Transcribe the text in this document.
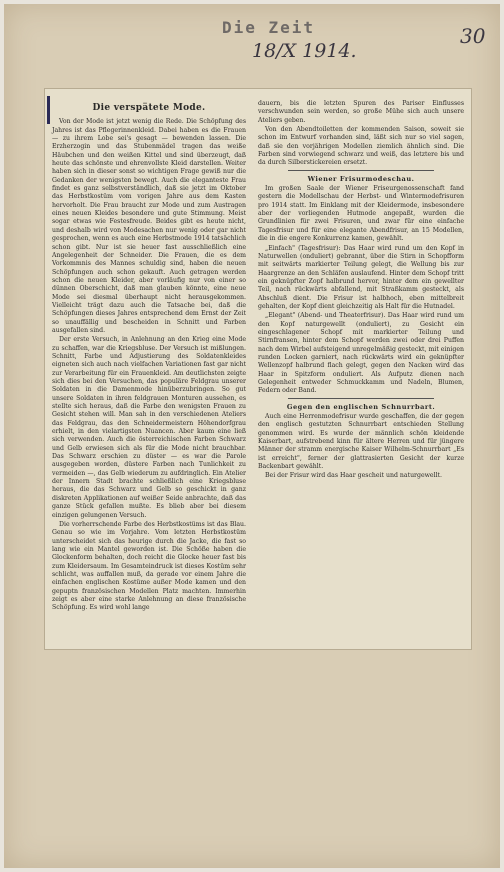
Die Zeit
18/X 1914.
30
Die verspätete Mode.

Von der Mode ist jetzt wenig die Rede. Die Schöpfung des Jahres ist das Pflegerinnenkleid. Dabei haben es die Frauen — zu ihrem Lobe sei's gesagt — bewenden lassen. Die Erzherzogin und das Stubenmädel tragen das weiße Häubchen und den weißen Kittel und sind überzeugt, daß heute das schönste und ehrenvollste Kleid darstellen. Weiter haben sich in dieser sonst so wichtigen Frage gewiß nur die Gedanken der wenigsten bewegt. Auch die eleganteste Frau findet es ganz selbstverständlich, daß sie jetzt im Oktober das Herbstkostüm vom vorigen Jahre aus dem Kasten hervorholt. Die Frau braucht zur Mode und zum Austragen eines neuen Kleides besondere und gute Stimmung. Meist sogar etwas wie Festesfreude. Beides gibt es heute nicht, und deshalb wird von Modesachen nur wenig oder gar nicht gesprochen, wenn es auch eine Herbstmode 1914 tatsächlich schon gibt. Nur ist sie heuer fast ausschließlich eine Angelegenheit der Schneider. Die Frauen, die es dem Vorkommnis des Mannes schuldig sind, haben die neuen Schöpfungen auch schon gekauft. Auch getragen werden schon die neuen Kleider, aber vorläufig nur von einer so dünnen Oberschicht, daß man glauben könnte, eine neue Mode sei diesmal überhaupt nicht herausgekommen. Vielleicht trägt dazu auch die Tatsache bei, daß die Schöpfungen dieses Jahres entsprechend dem Ernst der Zeit so unauffällig und bescheiden in Schnitt und Farben ausgefallen sind.

Der erste Versuch, in Anlehnung an den Krieg eine Mode zu schaffen, war die Kriegsbluse. Der Versuch ist mißlungen. Schnitt, Farbe und Adjustierung des Soldatenkleides eigneten sich auch nach vielfachen Variationen fast gar nicht zur Verarbeitung für ein Frauenkleid. Am deutlichsten zeigte sich dies bei den Versuchen, das populäre Feldgrau unserer Soldaten in die Damenmode hinüberzubringen. So gut unsere Soldaten in ihren feldgrauen Monturen aussehen, es stellte sich heraus, daß die Farbe den wenigsten Frauen zu Gesicht stehen will. Man sah in den verschiedenen Ateliers das Feldgrau, das den Schneidermeistern Höhendorfgrau erhielt, in den vielartigsten Nuancen. Aber kaum eine ließ sich verwenden. Auch die österreichischen Farben Schwarz und Gelb erwiesen sich als für die Mode nicht brauchbar. Das Schwarz erschien zu düster — es war die Parole ausgegeben worden, düstere Farben nach Tunlichkeit zu vermeiden —, das Gelb wiederum zu aufdringlich. Ein Atelier der Innern Stadt brachte schließlich eine Kriegsbluse heraus, die das Schwarz und Gelb so geschickt in ganz diskreten Applikationen auf weißer Seide anbrachte, daß das ganze Stück gefallen mußte. Es blieb aber bei diesem einzigen gelungenen Versuch.

Die vorherrschende Farbe des Herbstkostüms ist das Blau. Genau so wie im Vorjahre. Vom letzten Herbstkostüm unterscheidet sich das heurige durch die Jacke, die fast so lang wie ein Mantel geworden ist. Die Schöße haben die Glockenform behalten, doch reicht die Glocke heuer fast bis zum Kleidersaum. Im Gesamteindruck ist dieses Kostüm sehr schlicht, was auffallen muß, da gerade vor einem Jahre die einfachen englischen Kostüme außer Mode kamen und den gepuptn französischen Modellen Platz machten. Immerhin zeigt es aber eine starke Anlehnung an diese französische Schöpfung. Es wird wohl lange

dauern, bis die letzten Spuren des Pariser Einflusses verschwunden sein werden, so große Mühe sich auch unsere Ateliers geben.

Von den Abendtoiletten der kommenden Saison, soweit sie schon im Entwurf vorhanden sind, läßt sich nur so viel sagen, daß sie den vorjährigen Modellen ziemlich ähnlich sind. Die Farben sind vorwiegend schwarz und weiß, das letztere bis und da durch Silberstickereien ersetzt.

Wiener Frisurmodeschau.

Im großen Saale der Wiener Friseurgenossenschaft fand gestern die Modellschau der Herbst- und Wintermodefrisuren pro 1914 statt. Im Einklang mit der Kleidermode, insbesondere aber der vorliegenden Hutmode angepaßt, wurden die Grundlinien für zwei Frisuren, und zwar für eine einfache Tagesfrisur und für eine elegante Abendfrisur, an 15 Modellen, die in die engere Konkurrenz kamen, gewählt.

„Einfach" (Tagesfrisur): Das Haar wird rund um den Kopf in Naturwellen (onduliert) gebrannt, über die Stirn in Schopfform mit seitwärts markierter Teilung gelegt, die Wellung bis zur Haargrenze an den Schläfen auslaufend. Hinter dem Schopf tritt ein geknüpfter Zopf halbrund hervor, hinter dem ein gewellter Teil, nach rückwärts abfallend, mit Straßkamm gesteckt, als Abschluß dient. Die Frisur ist halbhoch, eben mittelbreit gehalten, der Kopf dient gleichzeitig als Halt für die Hutnadel.

„Elegant" (Abend- und Theaterfrisur). Das Haar wird rund um den Kopf naturgewellt (onduliert), zu Gesicht ein eingeschlagener Schopf mit markierter Teilung und Stirnfransen, hinter dem Schopf werden zwei oder drei Puffen nach dem Wirbel aufsteigend unregelmäßig gesteckt, mit einigen runden Locken garniert, nach rückwärts wird ein geknüpfter Wellenzopf halbrund flach gelegt, gegen den Nacken wird das Haar in Spitzform onduliert. Als Aufputz dienen nach Gelegenheit entweder Schmuckkamm und Nadeln, Blumen, Federn oder Band.

Gegen den englischen Schnurrbart.

Auch eine Herrenmodefrisur wurde geschaffen, die der gegen den englisch gestutzten Schnurrbart entschieden Stellung genommen wird. Es wurde der männlich schön kleidende Kaiserbart, aufstrebend kinn für ältere Herren und für jüngere Männer der stramm energische Kaiser Wilhelm-Schnurrbart „Es ist erreicht", ferner der glattrasierten Gesicht der kurze Backenbart gewählt.

Bei der Frisur wird das Haar gescheit und naturgewellt.
